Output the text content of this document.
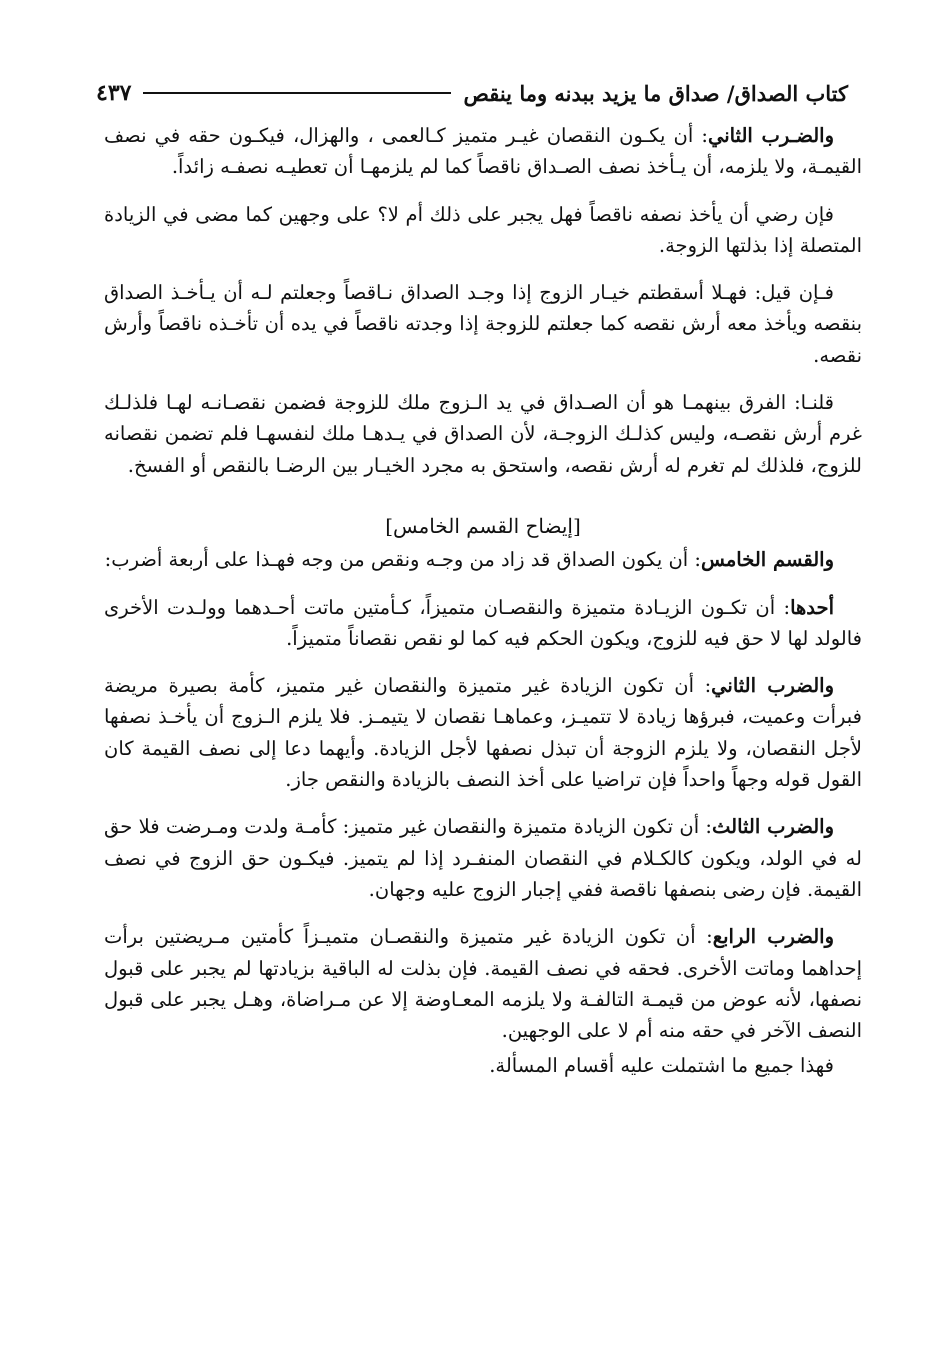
كتاب الصداق/ صداق ما يزيد ببدنه وما ينقص
٤٣٧

والضـرب الثاني: أن يكـون النقصان غيـر متميز كـالعمى ، والهزال، فيكـون حقه في نصف القيمـة، ولا يلزمه، أن يـأخذ نصف الصـداق ناقصاً كما لم يلزمهـا أن تعطيـه نصفـه زائداً.

فإن رضي أن يأخذ نصفه ناقصاً فهل يجبر على ذلك أم لا؟ على وجهين كما مضى في الزيادة المتصلة إذا بذلتها الزوجة.

فـإن قيل: فهـلا أسقطتم خيـار الزوج إذا وجـد الصداق نـاقصاً وجعلتم لـه أن يـأخـذ الصداق بنقصه ويأخذ معه أرش نقصه كما جعلتم للزوجة إذا وجدته ناقصاً في يده أن تأخـذه ناقصاً وأرش نقصه.

قلنـا: الفرق بينهمـا هو أن الصـداق في يد الـزوج ملك للزوجة فضمن نقصـانـه لهـا فلذلـك غرم أرش نقصـه، وليس كذلـك الزوجـة، لأن الصداق في يـدهـا ملك لنفسهـا فلم تضمن نقصانه للزوج، فلذلك لم تغرم له أرش نقصه، واستحق به مجرد الخيـار بين الرضـا بالنقص أو الفسخ.

[إيضاح القسم الخامس]

والقسم الخامس: أن يكون الصداق قد زاد من وجـه ونقص من وجه فهـذا على أربعة أضرب:

أحدها: أن تكـون الزيـادة متميزة والنقصـان متميزاً، كـأمتين ماتت أحـدهما وولـدت الأخرى فالولد لها لا حق فيه للزوج، ويكون الحكم فيه كما لو نقص نقصاناً متميزاً.

والضرب الثاني: أن تكون الزيادة غير متميزة والنقصان غير متميز، كأمة بصيرة مريضة فبرأت وعميت، فبرؤها زيادة لا تتميـز، وعماهـا نقصان لا يتيمـز. فلا يلزم الـزوج أن يأخـذ نصفها لأجل النقصان، ولا يلزم الزوجة أن تبذل نصفها لأجل الزيادة. وأيهما دعا إلى نصف القيمة كان القول قوله وجهاً واحداً فإن تراضيا على أخذ النصف بالزيادة والنقص جاز.

والضرب الثالث: أن تكون الزيادة متميزة والنقصان غير متميز: كأمـة ولدت ومـرضت فلا حق له في الولد، ويكون كالكـلام في النقصان المنفـرد إذا لم يتميز. فيكـون حق الزوج في نصف القيمة. فإن رضى بنصفها ناقصة ففي إجبار الزوج عليه وجهان.

والضرب الرابع: أن تكون الزيادة غير متميزة والنقصـان متميـزاً كأمتين مـريضتين برأت إحداهما وماتت الأخرى. فحقه في نصف القيمة. فإن بذلت له الباقية بزيادتها لم يجبر على قبول نصفها، لأنه عوض من قيمـة التالفـة ولا يلزمه المعـاوضة إلا عن مـراضاة، وهـل يجبر على قبول النصف الآخر في حقه منه أم لا على الوجهين.

فهذا جميع ما اشتملت عليه أقسام المسألة.
